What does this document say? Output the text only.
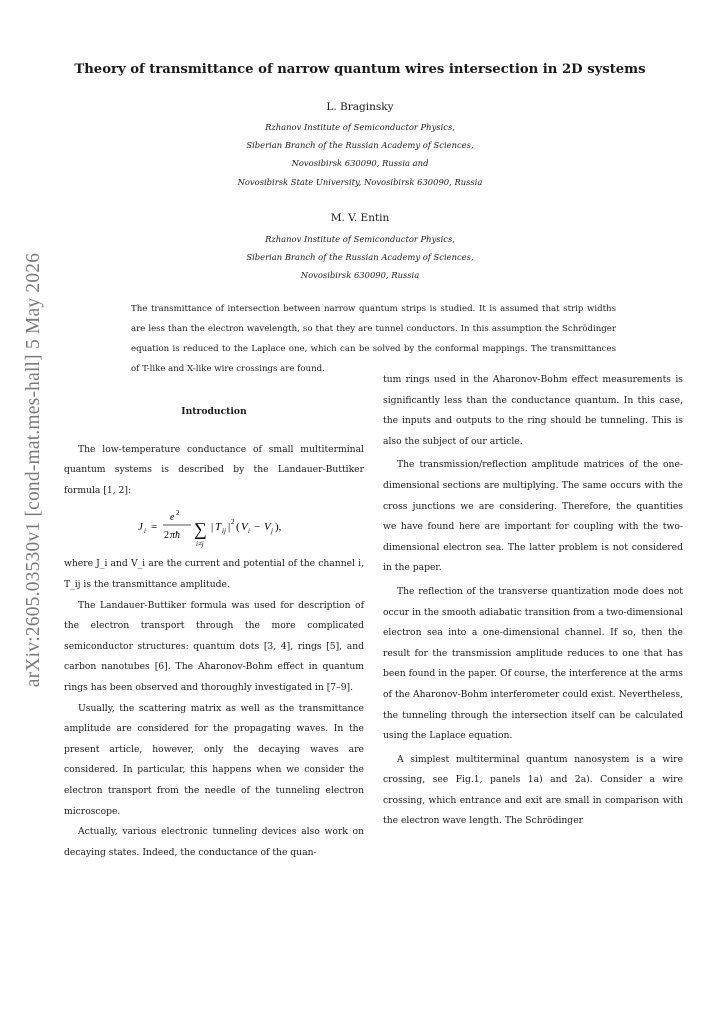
arXiv:2605.03530v1 [cond-mat.mes-hall] 5 May 2026
Theory of transmittance of narrow quantum wires intersection in 2D systems
L. Braginsky
Rzhanov Institute of Semiconductor Physics,
Siberian Branch of the Russian Academy of Sciences,
Novosibirsk 630090, Russia and
Novosibirsk State University, Novosibirsk 630090, Russia
M. V. Entin
Rzhanov Institute of Semiconductor Physics,
Siberian Branch of the Russian Academy of Sciences,
Novosibirsk 630090, Russia
The transmittance of intersection between narrow quantum strips is studied. It is assumed that strip widths are less than the electron wavelength, so that they are tunnel conductors. In this assumption the Schrödinger equation is reduced to the Laplace one, which can be solved by the conformal mappings. The transmittances of T-like and X-like wire crossings are found.
Introduction

The low-temperature conductance of small multiterminal quantum systems is described by the Landauer-Buttiker formula [1, 2]:

J i =
e 2
2 πħ ∑
i≠j
| T ij | 2 ( V i − V j ),

where J_i and V_i are the current and potential of the channel i, T_ij is the transmittance amplitude.

The Landauer-Buttiker formula was used for description of the electron transport through the more complicated semiconductor structures: quantum dots [3, 4], rings [5], and carbon nanotubes [6]. The Aharonov-Bohm effect in quantum rings has been observed and thoroughly investigated in [7–9].

Usually, the scattering matrix as well as the transmittance amplitude are considered for the propagating waves. In the present article, however, only the decaying waves are considered. In particular, this happens when we consider the electron transport from the needle of the tunneling electron microscope.

Actually, various electronic tunneling devices also work on decaying states. Indeed, the conductance of the quan-

tum rings used in the Aharonov-Bohm effect measurements is significantly less than the conductance quantum. In this case, the inputs and outputs to the ring should be tunneling. This is also the subject of our article.

The transmission/reflection amplitude matrices of the one-dimensional sections are multiplying. The same occurs with the cross junctions we are considering. Therefore, the quantities we have found here are important for coupling with the two-dimensional electron sea. The latter problem is not considered in the paper.

The reflection of the transverse quantization mode does not occur in the smooth adiabatic transition from a two-dimensional electron sea into a one-dimensional channel. If so, then the result for the transmission amplitude reduces to one that has been found in the paper. Of course, the interference at the arms of the Aharonov-Bohm interferometer could exist. Nevertheless, the tunneling through the intersection itself can be calculated using the Laplace equation.

A simplest multiterminal quantum nanosystem is a wire crossing, see Fig.1, panels 1a) and 2a). Consider a wire crossing, which entrance and exit are small in comparison with the electron wave length. The Schrödinger
